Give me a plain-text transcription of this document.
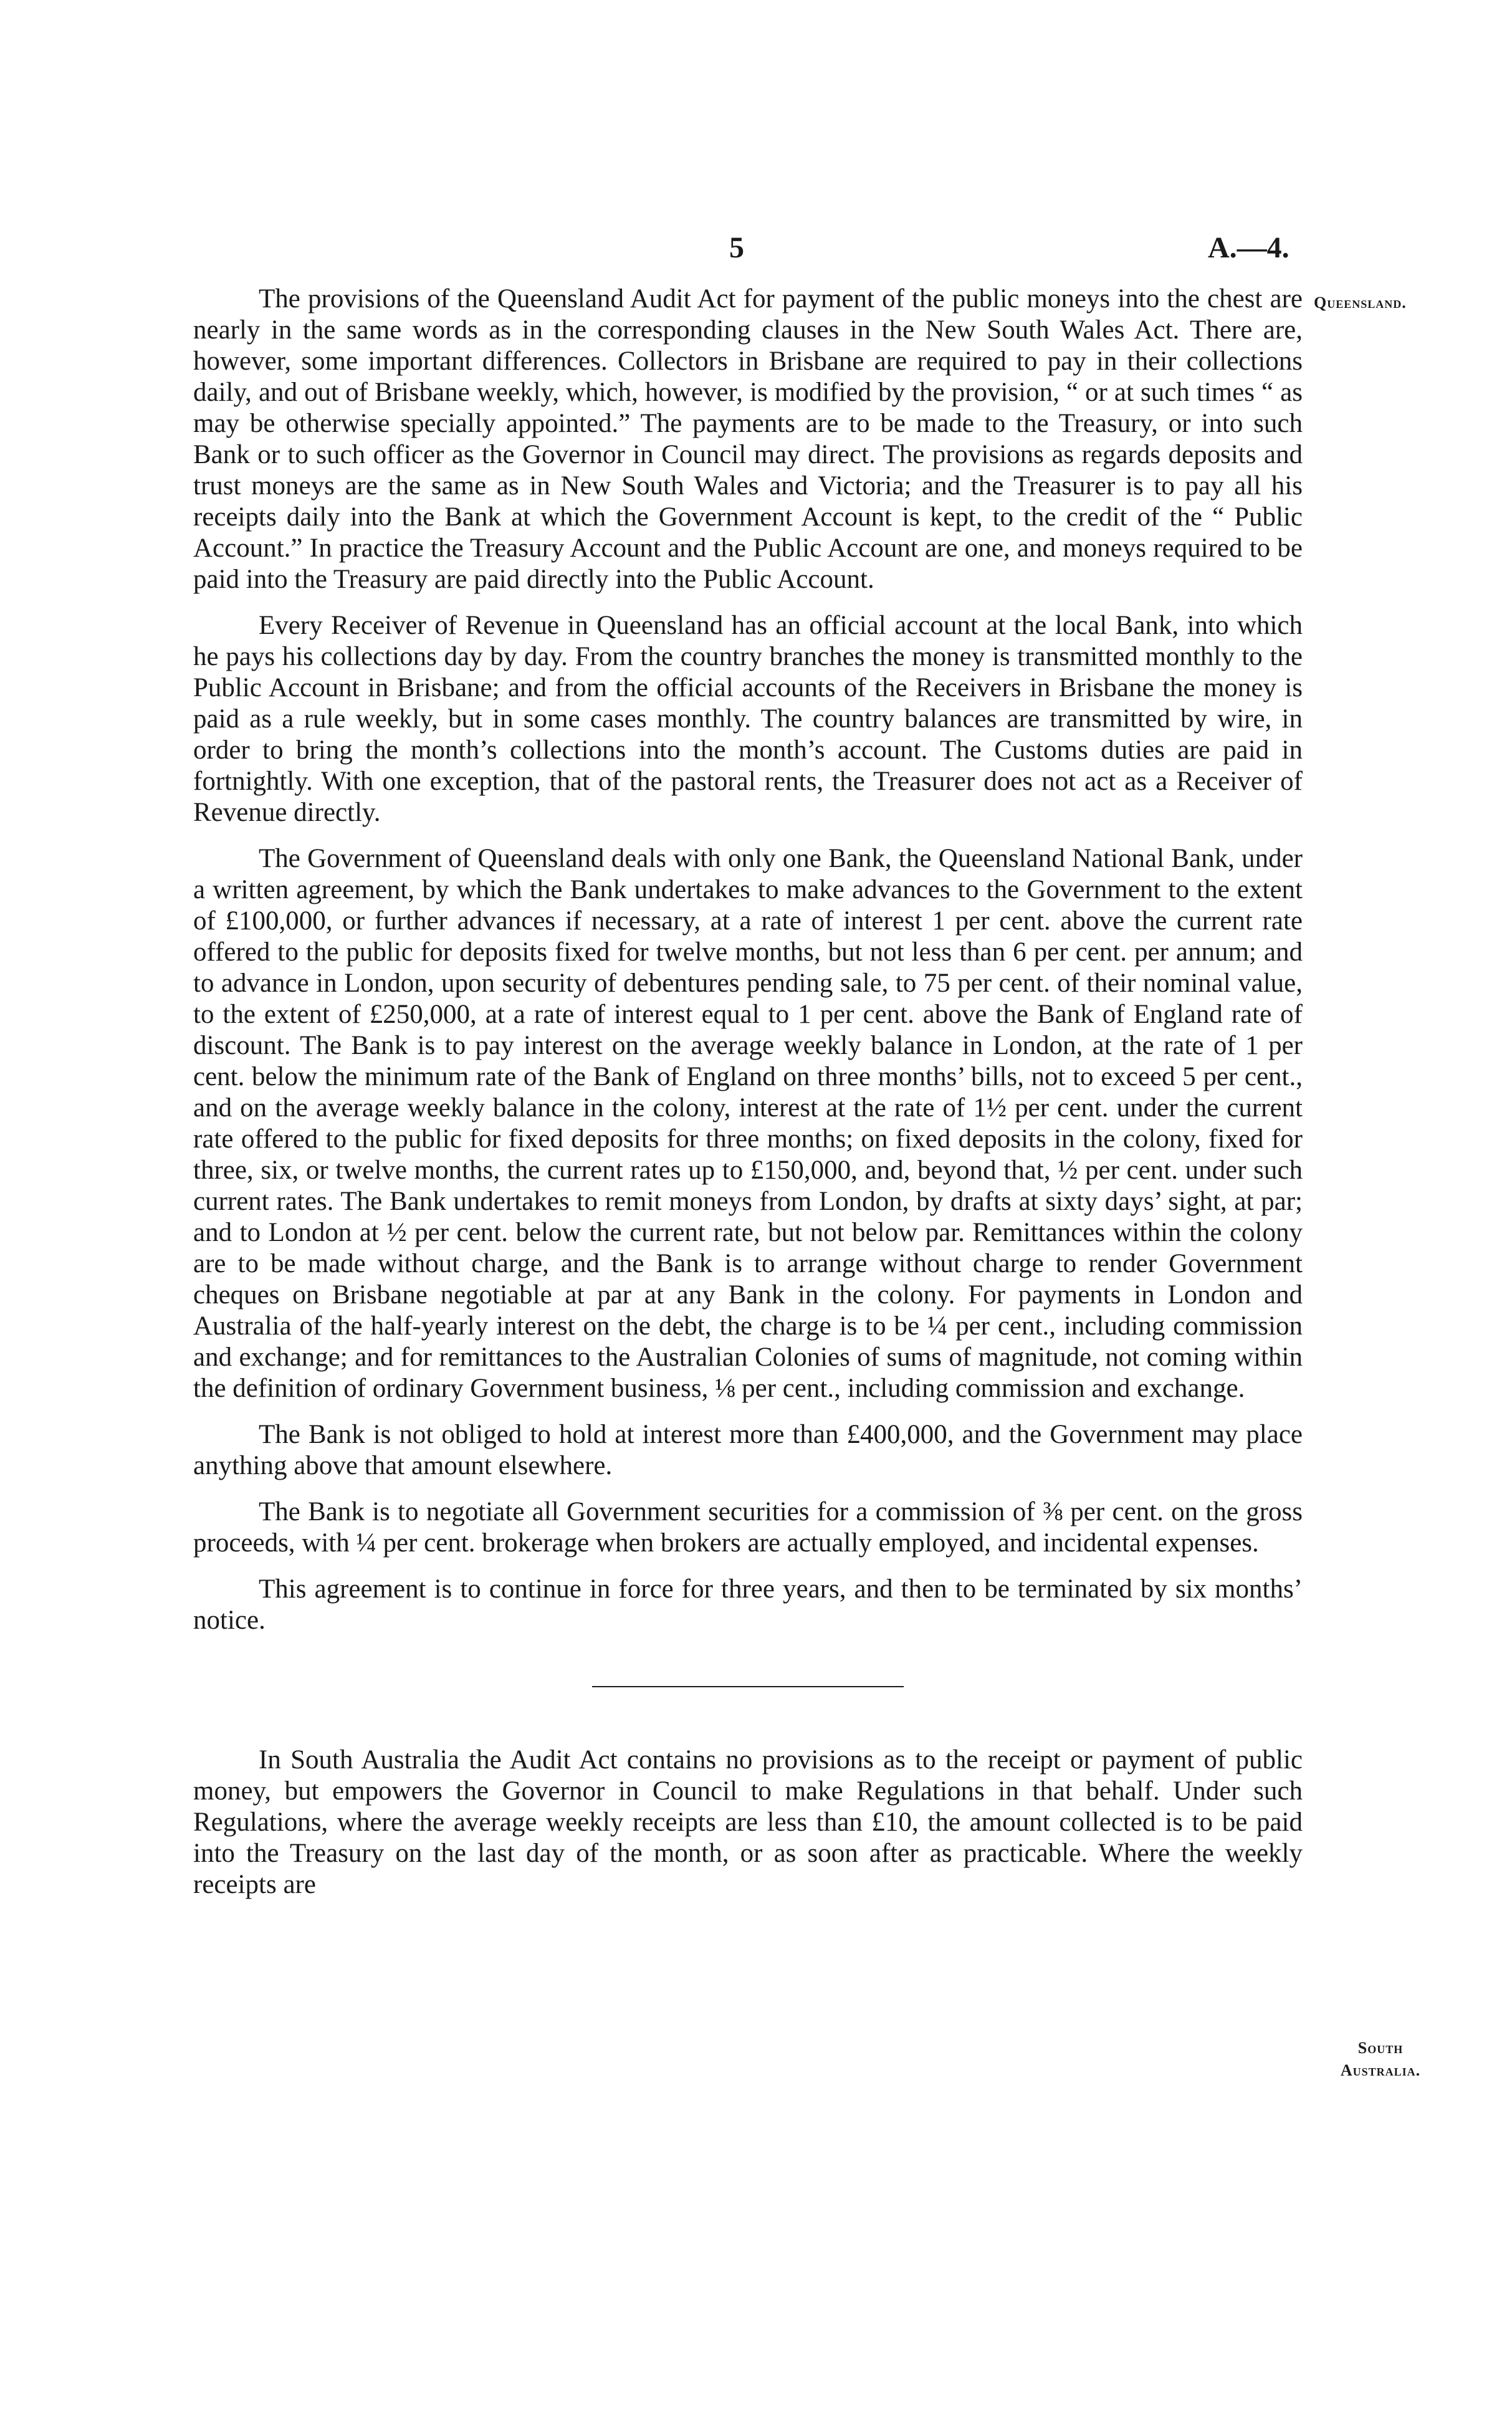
5	A.—4.
Queensland.
South
Australia.

The provisions of the Queensland Audit Act for payment of the public moneys into the chest are nearly in the same words as in the corresponding clauses in the New South Wales Act. There are, however, some important differences. Collectors in Brisbane are required to pay in their collections daily, and out of Brisbane weekly, which, however, is modified by the provision, “ or at such times “ as may be otherwise specially appointed.” The payments are to be made to the Treasury, or into such Bank or to such officer as the Governor in Council may direct. The provisions as regards deposits and trust moneys are the same as in New South Wales and Victoria; and the Treasurer is to pay all his receipts daily into the Bank at which the Government Account is kept, to the credit of the “ Public Account.” In practice the Treasury Account and the Public Account are one, and moneys required to be paid into the Treasury are paid directly into the Public Account.

Every Receiver of Revenue in Queensland has an official account at the local Bank, into which he pays his collections day by day. From the country branches the money is transmitted monthly to the Public Account in Brisbane; and from the official accounts of the Receivers in Brisbane the money is paid as a rule weekly, but in some cases monthly. The country balances are transmitted by wire, in order to bring the month’s collections into the month’s account. The Customs duties are paid in fortnightly. With one exception, that of the pastoral rents, the Treasurer does not act as a Receiver of Revenue directly.

The Government of Queensland deals with only one Bank, the Queensland National Bank, under a written agreement, by which the Bank undertakes to make advances to the Government to the extent of £100,000, or further advances if necessary, at a rate of interest 1 per cent. above the current rate offered to the public for deposits fixed for twelve months, but not less than 6 per cent. per annum; and to advance in London, upon security of debentures pending sale, to 75 per cent. of their nominal value, to the extent of £250,000, at a rate of interest equal to 1 per cent. above the Bank of England rate of discount. The Bank is to pay interest on the average weekly balance in London, at the rate of 1 per cent. below the minimum rate of the Bank of England on three months’ bills, not to exceed 5 per cent., and on the average weekly balance in the colony, interest at the rate of 1½ per cent. under the current rate offered to the public for fixed deposits for three months; on fixed deposits in the colony, fixed for three, six, or twelve months, the current rates up to £150,000, and, beyond that, ½ per cent. under such current rates. The Bank undertakes to remit moneys from London, by drafts at sixty days’ sight, at par; and to London at ½ per cent. below the current rate, but not below par. Remittances within the colony are to be made without charge, and the Bank is to arrange without charge to render Government cheques on Brisbane negotiable at par at any Bank in the colony. For payments in London and Australia of the half-yearly interest on the debt, the charge is to be ¼ per cent., including commission and exchange; and for remittances to the Australian Colonies of sums of magnitude, not coming within the definition of ordinary Government business, ⅛ per cent., including commission and exchange.

The Bank is not obliged to hold at interest more than £400,000, and the Government may place anything above that amount elsewhere.

The Bank is to negotiate all Government securities for a commission of ⅜ per cent. on the gross proceeds, with ¼ per cent. brokerage when brokers are actually employed, and incidental expenses.

This agreement is to continue in force for three years, and then to be terminated by six months’ notice.

In South Australia the Audit Act contains no provisions as to the receipt or payment of public money, but empowers the Governor in Council to make Regulations in that behalf. Under such Regulations, where the average weekly receipts are less than £10, the amount collected is to be paid into the Treasury on the last day of the month, or as soon after as practicable. Where the weekly receipts are
